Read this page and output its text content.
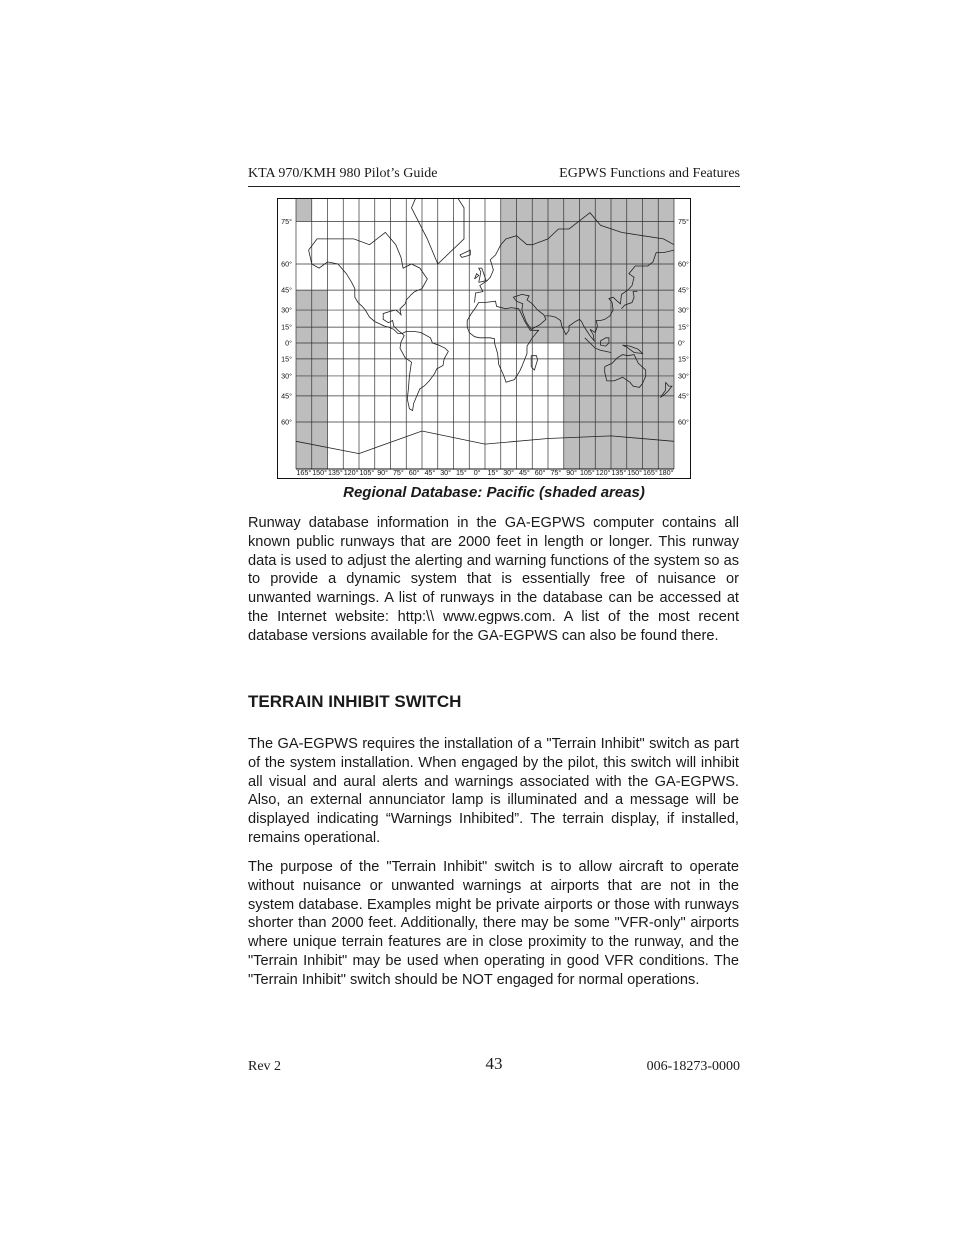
KTA 970/KMH 980 Pilot’s Guide	EGPWS Functions and Features
75°	75°
60°	60°
45°	45°
30°	30°
15°	15°
0°	0°
15°	15°
30°	30°
45°	45°
60°	60°
165° 150° 135° 120° 105° 90° 75° 60° 45° 30° 15° 0° 15° 30° 45° 60° 75° 90° 105° 120° 135° 150° 165° 180°
Regional Database: Pacific (shaded areas)

Runway database information in the GA-EGPWS computer contains all known public runways that are 2000 feet in length or longer. This runway data is used to adjust the alerting and warning functions of the system so as to provide a dynamic system that is essentially free of nuisance or unwanted warnings. A list of runways in the database can be accessed at the Internet website: http:\\ www.egpws.com. A list of the most recent database versions available for the GA-EGPWS can also be found there.

TERRAIN INHIBIT SWITCH

The GA-EGPWS requires the installation of a "Terrain Inhibit" switch as part of the system installation. When engaged by the pilot, this switch will inhibit all visual and aural alerts and warnings associated with the GA-EGPWS. Also, an external annunciator lamp is illuminated and a message will be displayed indicating “Warnings Inhibited”. The terrain display, if installed, remains operational.

The purpose of the "Terrain Inhibit" switch is to allow aircraft to operate without nuisance or unwanted warnings at airports that are not in the system database. Examples might be private airports or those with runways shorter than 2000 feet. Additionally, there may be some "VFR-only" airports where unique terrain features are in close proximity to the runway, and the "Terrain Inhibit" may be used when operating in good VFR conditions. The "Terrain Inhibit" switch should be NOT engaged for normal operations.

Rev 2	43	006-18273-0000
